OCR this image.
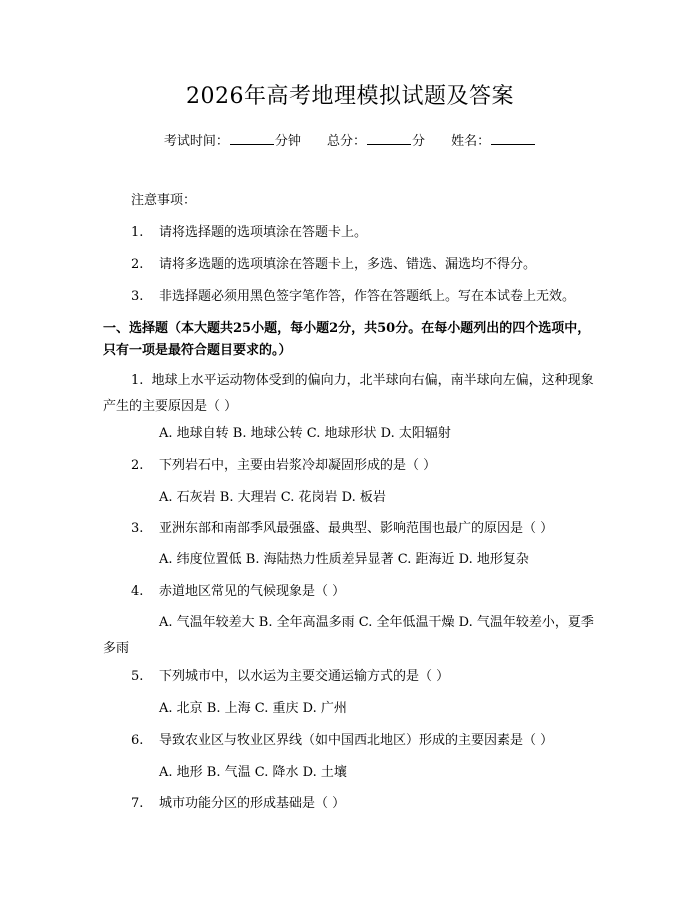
2026年高考地理模拟试题及答案
考试时间：	分钟 总分：	分 姓名：
注意事项：
1. 请将选择题的选项填涂在答题卡上。
2. 请将多选题的选项填涂在答题卡上，多选、错选、漏选均不得分。
3. 非选择题必须用黑色签字笔作答，作答在答题纸上。写在本试卷上无效。
一、选择题（本大题共25小题，每小题2分，共50分。在每小题列出的四个选项中，只有一项是最符合题目要求的。）
1. 地球上水平运动物体受到的偏向力，北半球向右偏，南半球向左偏，这种现象产生的主要原因是（ ）
A. 地球自转 B. 地球公转 C. 地球形状 D. 太阳辐射
2. 下列岩石中，主要由岩浆冷却凝固形成的是（ ）
A. 石灰岩 B. 大理岩 C. 花岗岩 D. 板岩
3. 亚洲东部和南部季风最强盛、最典型、影响范围也最广的原因是（ ）
A. 纬度位置低 B. 海陆热力性质差异显著 C. 距海近 D. 地形复杂
4. 赤道地区常见的气候现象是（ ）
A. 气温年较差大 B. 全年高温多雨 C. 全年低温干燥 D. 气温年较差小，夏季多雨
5. 下列城市中，以水运为主要交通运输方式的是（ ）
A. 北京 B. 上海 C. 重庆 D. 广州
6. 导致农业区与牧业区界线（如中国西北地区）形成的主要因素是（ ）
A. 地形 B. 气温 C. 降水 D. 土壤
7. 城市功能分区的形成基础是（ ）
